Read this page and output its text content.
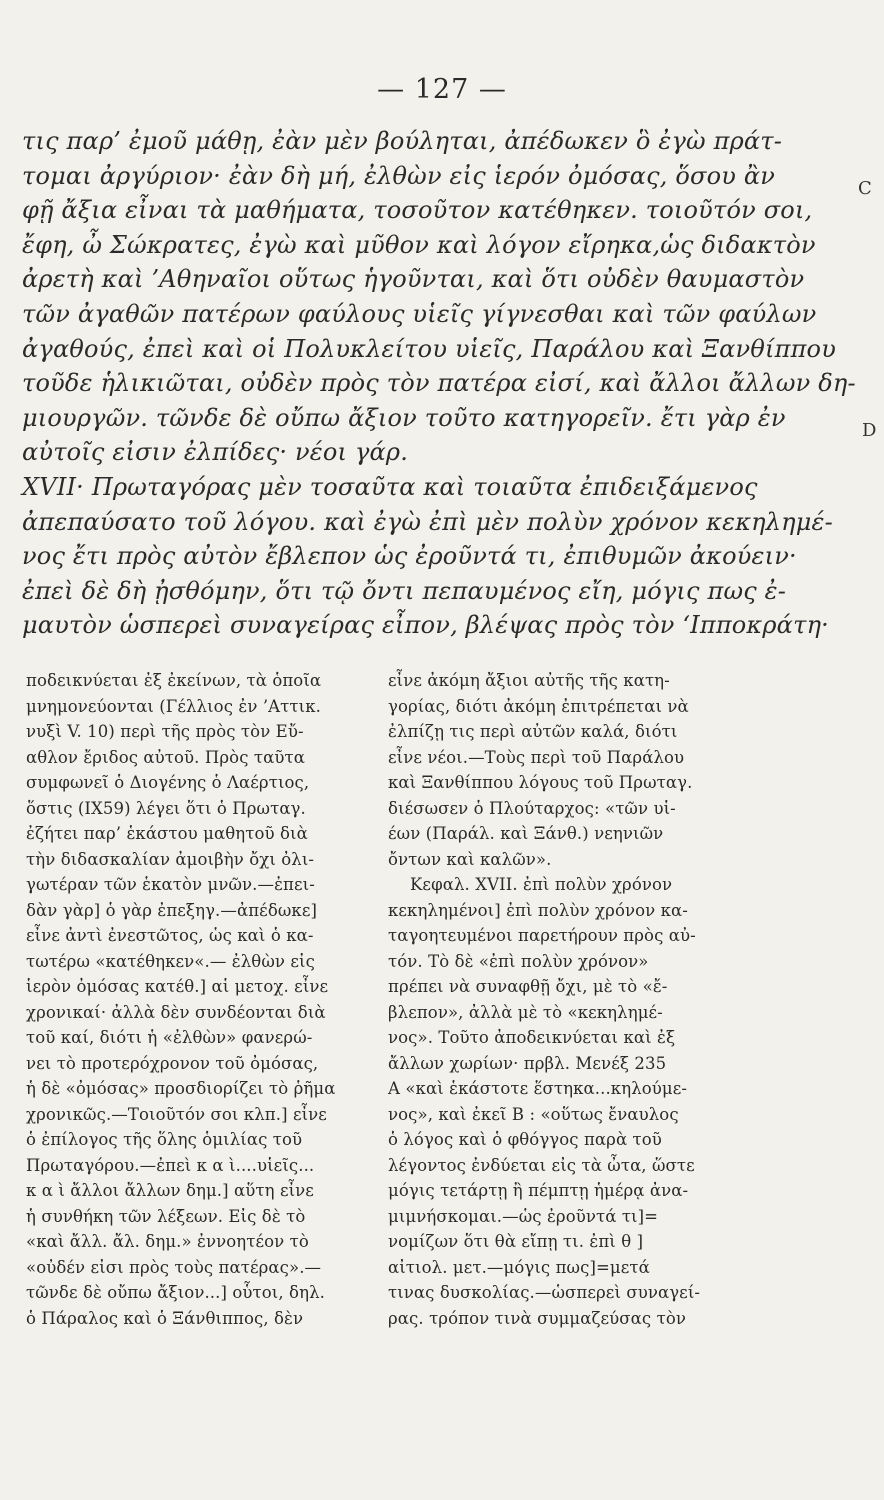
— 127 —
τις παρ’ ἐμοῦ μάθῃ, ἐὰν μὲν βούληται, ἀπέδωκεν ὃ ἐγὼ πράτ-
τομαι ἀργύριον· ἐὰν δὴ μή, ἐλθὼν εἰς ἱερόν ὀμόσας, ὅσου ἂν
φῇ ἄξια εἶναι τὰ μαθήματα, τοσοῦτον κατέθηκεν. τοιοῦτόν σοι,
ἔφη, ὦ Σώκρατες, ἐγὼ καὶ μῦθον καὶ λόγον εἴρηκα,ὡς διδακτὸν
ἀρετὴ καὶ ’Αθηναῖοι οὕτως ἡγοῦνται, καὶ ὅτι οὐδὲν θαυμαστὸν
τῶν ἀγαθῶν πατέρων φαύλους υἱεῖς γίγνεσθαι καὶ τῶν φαύλων
ἀγαθούς, ἐπεὶ καὶ οἱ Πολυκλείτου υἱεῖς, Παράλου καὶ Ξανθίππου
τοῦδε ἡλικιῶται, οὐδὲν πρὸς τὸν πατέρα εἰσί, καὶ ἄλλοι ἄλλων δη-
μιουργῶν. τῶνδε δὲ οὔπω ἄξιον τοῦτο κατηγορεῖν. ἔτι γὰρ ἐν
αὐτοῖς εἰσιν ἐλπίδες· νέοι γάρ.
XVII· Πρωταγόρας μὲν τοσαῦτα καὶ τοιαῦτα ἐπιδειξάμενος
ἀπεπαύσατο τοῦ λόγου. καὶ ἐγὼ ἐπὶ μὲν πολὺν χρόνον κεκηλημέ-
νος ἔτι πρὸς αὐτὸν ἔβλεπον ὡς ἐροῦντά τι, ἐπιθυμῶν ἀκούειν·
ἐπεὶ δὲ δὴ ᾐσθόμην, ὅτι τῷ ὄντι πεπαυμένος εἴη, μόγις πως ἐ-
μαυτὸν ὡσπερεὶ συναγείρας εἶπον, βλέψας πρὸς τὸν ‘Ιπποκράτη·
C
D
ποδεικνύεται ἐξ ἐκείνων, τὰ ὁποῖα
μνημονεύονται (Γέλλιος ἐν ’Αττικ.
νυξὶ V. 10) περὶ τῆς πρὸς τὸν Εὔ-
αθλον ἔριδος αὐτοῦ. Πρὸς ταῦτα
συμφωνεῖ ὁ Διογένης ὁ Λαέρτιος,
ὅστις (IX59) λέγει ὅτι ὁ Πρωταγ.
ἐζήτει παρ’ ἑκάστου μαθητοῦ διὰ
τὴν διδασκαλίαν ἀμοιβὴν ὄχι ὀλι-
γωτέραν τῶν ἑκατὸν μνῶν.—ἐπει-
δὰν γὰρ] ὁ γὰρ ἐπεξηγ.—ἀπέδωκε]
εἶνε ἀντὶ ἐνεστῶτος, ὡς καὶ ὁ κα-
τωτέρω «κατέθηκεν«.— ἐλθὼν εἰς
ἱερὸν ὀμόσας κατέθ.] αἱ μετοχ. εἶνε
χρονικαί· ἀλλὰ δὲν συνδέονται διὰ
τοῦ καί, διότι ἡ «ἐλθὼν» φανερώ-
νει τὸ προτερόχρονον τοῦ ὀμόσας,
ἡ δὲ «ὀμόσας» προσδιορίζει τὸ ῥῆμα
χρονικῶς.—Τοιοῦτόν σοι κλπ.] εἶνε
ὁ ἐπίλογος τῆς ὅλης ὁμιλίας τοῦ
Πρωταγόρου.—ἐπεὶ κ α ὶ....υἱεῖς...
κ α ὶ ἄλλοι ἄλλων δημ.] αὕτη εἶνε
ἡ συνθήκη τῶν λέξεων. Εἰς δὲ τὸ
«καὶ ἄλλ. ἄλ. δημ.» ἐννοητέον τὸ
«οὐδέν εἰσι πρὸς τοὺς πατέρας».—
τῶνδε δὲ οὔπω ἄξιον...] οὗτοι, δηλ.
ὁ Πάραλος καὶ ὁ Ξάνθιππος, δὲν
εἶνε ἀκόμη ἄξιοι αὐτῆς τῆς κατη-
γορίας, διότι ἀκόμη ἐπιτρέπεται νὰ
ἐλπίζῃ τις περὶ αὐτῶν καλά, διότι
εἶνε νέοι.—Τοὺς περὶ τοῦ Παράλου
καὶ Ξανθίππου λόγους τοῦ Πρωταγ.
διέσωσεν ὁ Πλούταρχος: «τῶν υἱ-
έων (Παράλ. καὶ Ξάνθ.) νεηνιῶν
ὄντων καὶ καλῶν».
Κεφαλ. XVII. ἐπὶ πολὺν χρόνον
κεκηλημένοι] ἐπὶ πολὺν χρόνον κα-
ταγοητευμένοι παρετήρουν πρὸς αὐ-
τόν. Τὸ δὲ «ἐπὶ πολὺν χρόνον»
πρέπει νὰ συναφθῇ ὄχι, μὲ τὸ «ἔ-
βλεπον», ἀλλὰ μὲ τὸ «κεκηλημέ-
νος». Τοῦτο ἀποδεικνύεται καὶ ἐξ
ἄλλων χωρίων· πρβλ. Μενέξ 235
A «καὶ ἑκάστοτε ἕστηκα...κηλούμε-
νος», καὶ ἐκεῖ B : «οὕτως ἔναυλος
ὁ λόγος καὶ ὁ φθόγγος παρὰ τοῦ
λέγοντος ἐνδύεται εἰς τὰ ὦτα, ὥστε
μόγις τετάρτῃ ἢ πέμπτῃ ἡμέρᾳ ἀνα-
μιμνήσκομαι.—ὡς ἐροῦντά τι]=
νομίζων ὅτι θὰ εἴπῃ τι. ἐπὶ θ ]
αἰτιολ. μετ.—μόγις πως]=μετά
τινας δυσκολίας.—ὡσπερεὶ συναγεί-
ρας. τρόπον τινὰ συμμαζεύσας τὸν
